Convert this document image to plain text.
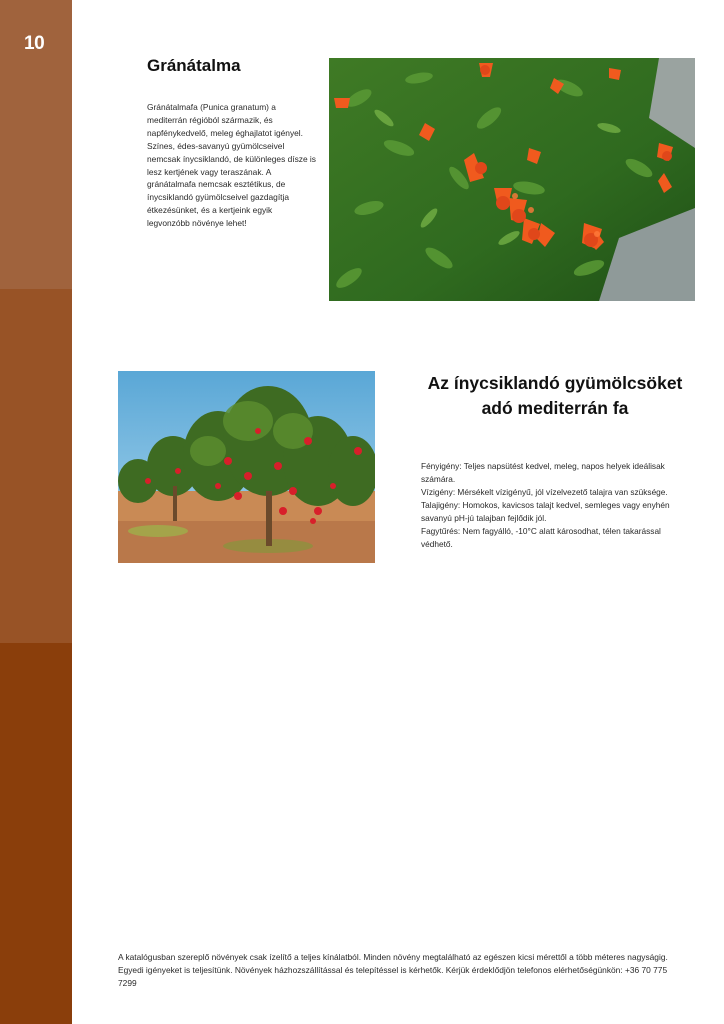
10
Gránátalma

Gránátalmafa (Punica granatum) a mediterrán régióból származik, és napfénykedvelő, meleg éghajlatot igényel. Színes, édes-savanyú gyümölcseivel nemcsak ínycsiklandó, de különleges dísze is lesz kertjének vagy teraszának. A gránátalmafa nemcsak esztétikus, de ínycsiklandó gyümölcseivel gazdagítja étkezésünket, és a kertjeink egyik legvonzóbb növénye lehet!

Az ínycsiklandó gyümölcsöket
adó mediterrán fa
Fényigény: Teljes napsütést kedvel, meleg, napos helyek ideálisak számára.
Vízigény: Mérsékelt vízigényű, jól vízelvezető talajra van szüksége.
Talajigény: Homokos, kavicsos talajt kedvel, semleges vagy enyhén savanyú pH-jú talajban fejlődik jól.
Fagytűrés: Nem fagyálló, -10°C alatt károsodhat, télen takarással védhető.

A katalógusban szereplő növények csak ízelítő a teljes kínálatból. Minden növény megtalálható az egészen kicsi mérettől a több méteres nagyságig. Egyedi igényeket is teljesítünk. Növények házhozszállítással és telepítéssel is kérhetők. Kérjük érdeklődjön telefonos elérhetőségünkön: +36 70 775 7299
